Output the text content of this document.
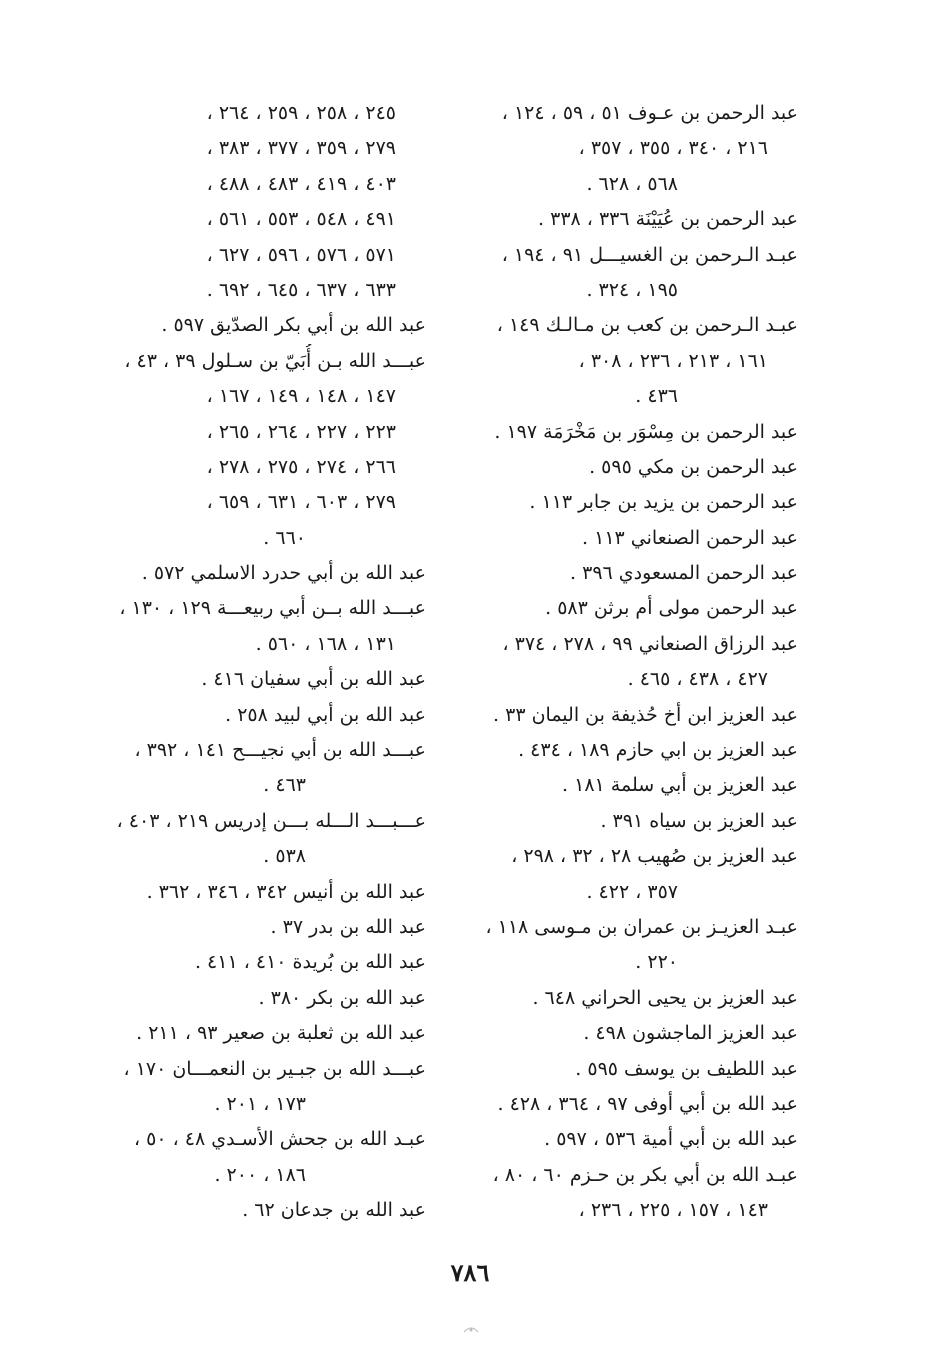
عبد الرحمن بن عـوف ٥١ ، ٥٩ ، ١٢٤ ،
٢١٦ ، ٣٤٠ ، ٣٥٥ ، ٣٥٧ ،
٥٦٨ ، ٦٢٨ .
عبد الرحمن بن عُيَيْنَة ٣٣٦ ، ٣٣٨ .
عبـد الـرحمن بن الغسيـــل ٩١ ، ١٩٤ ،
١٩٥ ، ٣٢٤ .
عبـد الـرحمن بن كعب بن مـالـك ١٤٩ ،
١٦١ ، ٢١٣ ، ٢٣٦ ، ٣٠٨ ،
٤٣٦ .
عبد الرحمن بن مِسْوَر بن مَخْرَمَة ١٩٧ .
عبد الرحمن بن مكي ٥٩٥ .
عبد الرحمن بن يزيد بن جابر ١١٣ .
عبد الرحمن الصنعاني ١١٣ .
عبد الرحمن المسعودي ٣٩٦ .
عبد الرحمن مولى أم برثن ٥٨٣ .
عبد الرزاق الصنعاني ٩٩ ، ٢٧٨ ، ٣٧٤ ،
٤٢٧ ، ٤٣٨ ، ٤٦٥ .
عبد العزيز ابن أخ حُذيفة بن اليمان ٣٣ .
عبد العزيز بن ابي حازم ١٨٩ ، ٤٣٤ .
عبد العزيز بن أبي سلمة ١٨١ .
عبد العزيز بن سياه ٣٩١ .
عبد العزيز بن صُهيب ٢٨ ، ٣٢ ، ٢٩٨ ،
٣٥٧ ، ٤٢٢ .
عبـد العزيـز بن عمران بن مـوسى ١١٨ ،
٢٢٠ .
عبد العزيز بن يحيى الحراني ٦٤٨ .
عبد العزيز الماجشون ٤٩٨ .
عبد اللطيف بن يوسف ٥٩٥ .
عبد الله بن أبي أوفى ٩٧ ، ٣٦٤ ، ٤٢٨ .
عبد الله بن أبي أمية ٥٣٦ ، ٥٩٧ .
عبـد الله بن أبي بكر بن حـزم ٦٠ ، ٨٠ ،
١٤٣ ، ١٥٧ ، ٢٢٥ ، ٢٣٦ ،
٢٤٥ ، ٢٥٨ ، ٢٥٩ ، ٢٦٤ ،
٢٧٩ ، ٣٥٩ ، ٣٧٧ ، ٣٨٣ ،
٤٠٣ ، ٤١٩ ، ٤٨٣ ، ٤٨٨ ،
٤٩١ ، ٥٤٨ ، ٥٥٣ ، ٥٦١ ،
٥٧١ ، ٥٧٦ ، ٥٩٦ ، ٦٢٧ ،
٦٣٣ ، ٦٣٧ ، ٦٤٥ ، ٦٩٢ .
عبد الله بن أبي بكر الصدّيق ٥٩٧ .
عبـــد الله بـن أُبَيّ بن سـلول ٣٩ ، ٤٣ ،
١٤٧ ، ١٤٨ ، ١٤٩ ، ١٦٧ ،
٢٢٣ ، ٢٢٧ ، ٢٦٤ ، ٢٦٥ ،
٢٦٦ ، ٢٧٤ ، ٢٧٥ ، ٢٧٨ ،
٢٧٩ ، ٦٠٣ ، ٦٣١ ، ٦٥٩ ،
٦٦٠ .
عبد الله بن أبي حدرد الاسلمي ٥٧٢ .
عبـــد الله بــن أبي ربيعـــة ١٢٩ ، ١٣٠ ،
١٣١ ، ١٦٨ ، ٥٦٠ .
عبد الله بن أبي سفيان ٤١٦ .
عبد الله بن أبي لبيد ٢٥٨ .
عبـــد الله بن أبي نجيـــح ١٤١ ، ٣٩٢ ،
٤٦٣ .
عـــبـــد الـــله بـــن إدريس ٢١٩ ، ٤٠٣ ،
٥٣٨ .
عبد الله بن أنيس ٣٤٢ ، ٣٤٦ ، ٣٦٢ .
عبد الله بن بدر ٣٧ .
عبد الله بن بُريدة ٤١٠ ، ٤١١ .
عبد الله بن بكر ٣٨٠ .
عبد الله بن ثعلبة بن صعير ٩٣ ، ٢١١ .
عبـــد الله بن جبـير بن النعمـــان ١٧٠ ،
١٧٣ ، ٢٠١ .
عبـد الله بن جحش الأسـدي ٤٨ ، ٥٠ ،
١٨٦ ، ٢٠٠ .
عبد الله بن جدعان ٦٢ .
٧٨٦
